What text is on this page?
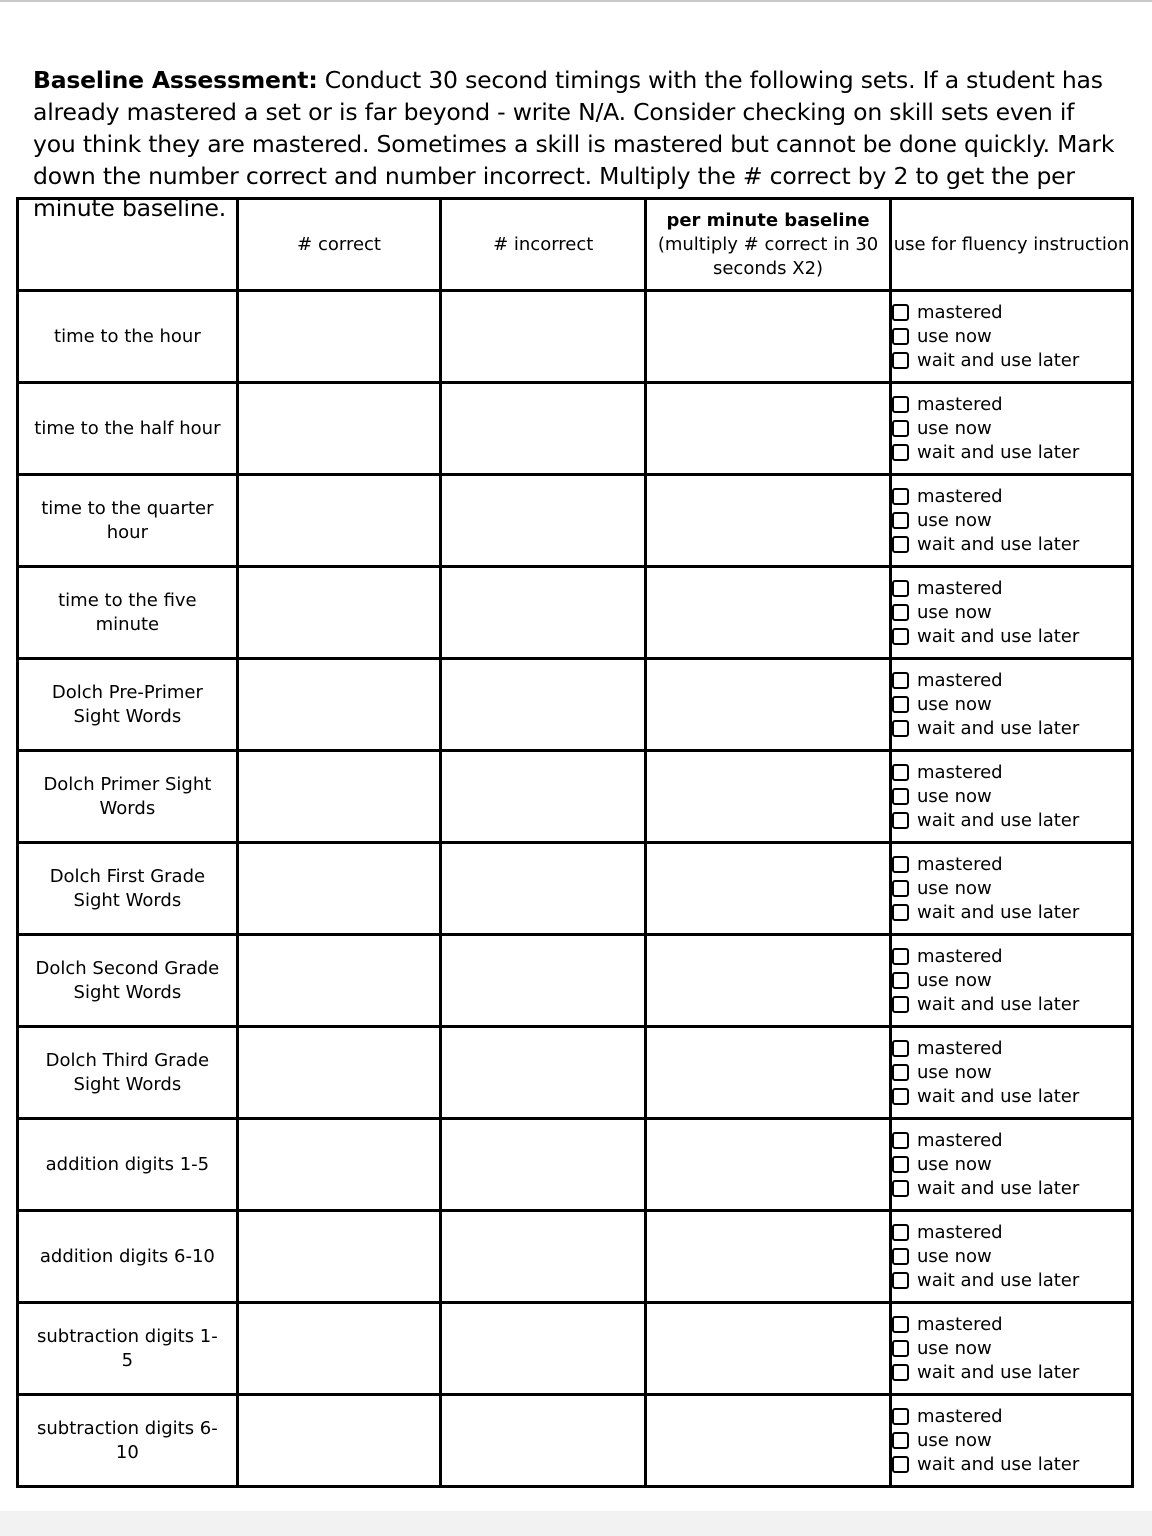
Baseline Assessment: Conduct 30 second timings with the following sets. If a student has already mastered a set or is far beyond - write N/A. Consider checking on skill sets even if you think they are mastered. Sometimes a skill is mastered but cannot be done quickly. Mark down the number correct and number incorrect. Multiply the # correct by 2 to get the per minute baseline.

	# correct	# incorrect	per minute baseline
(multiply # correct in 30 seconds X2)	use for fluency instruction

time to the hour				mastered
use now
wait and use later

time to the half hour				mastered
use now
wait and use later

time to the quarter hour				mastered
use now
wait and use later

time to the five minute				mastered
use now
wait and use later

Dolch Pre-Primer Sight Words				mastered
use now
wait and use later

Dolch Primer Sight Words				mastered
use now
wait and use later

Dolch First Grade Sight Words				mastered
use now
wait and use later

Dolch Second Grade Sight Words				mastered
use now
wait and use later

Dolch Third Grade Sight Words				mastered
use now
wait and use later

addition digits 1-5				mastered
use now
wait and use later

addition digits 6-10				mastered
use now
wait and use later

subtraction digits 1-5				mastered
use now
wait and use later

subtraction digits 6-10				mastered
use now
wait and use later
